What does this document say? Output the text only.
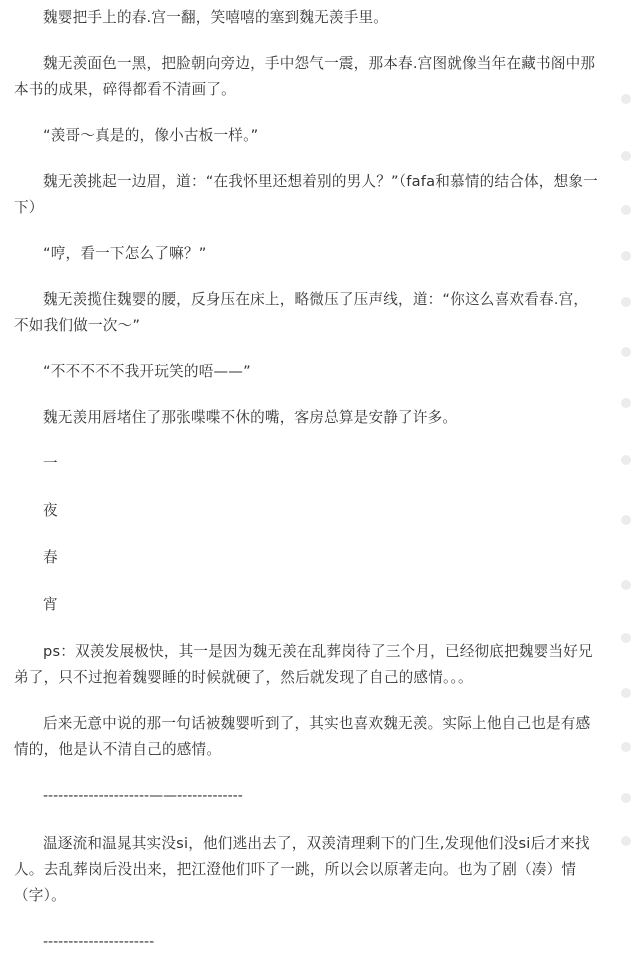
魏婴把手上的春.宫一翻，笑嘻嘻的塞到魏无羡手里。

魏无羡面色一黑，把脸朝向旁边，手中怨气一震，那本春.宫图就像当年在藏书阁中那本书的成果，碎得都看不清画了。

“羡哥～真是的，像小古板一样。”

魏无羡挑起一边眉，道：“在我怀里还想着别的男人？”（fafa和慕情的结合体，想象一下）

“哼，看一下怎么了嘛？”

魏无羡揽住魏婴的腰，反身压在床上，略微压了压声线，道：“你这么喜欢看春.宫，不如我们做一次～”

“不不不不不我开玩笑的唔——”

魏无羡用唇堵住了那张喋喋不休的嘴，客房总算是安静了许多。

一

夜

春

宵

ps：双羡发展极快，其一是因为魏无羡在乱葬岗待了三个月，已经彻底把魏婴当好兄弟了，只不过抱着魏婴睡的时候就硬了，然后就发现了自己的感情。。。

后来无意中说的那一句话被魏婴听到了，其实也喜欢魏无羡。实际上他自己也是有感情的，他是认不清自己的感情。

---------------------——-------------

温逐流和温晁其实没si，他们逃出去了，双羡清理剩下的门生,发现他们没si后才来找人。去乱葬岗后没出来，把江澄他们吓了一跳，所以会以原著走向。也为了剧（凑）情（字）。

----------------------
